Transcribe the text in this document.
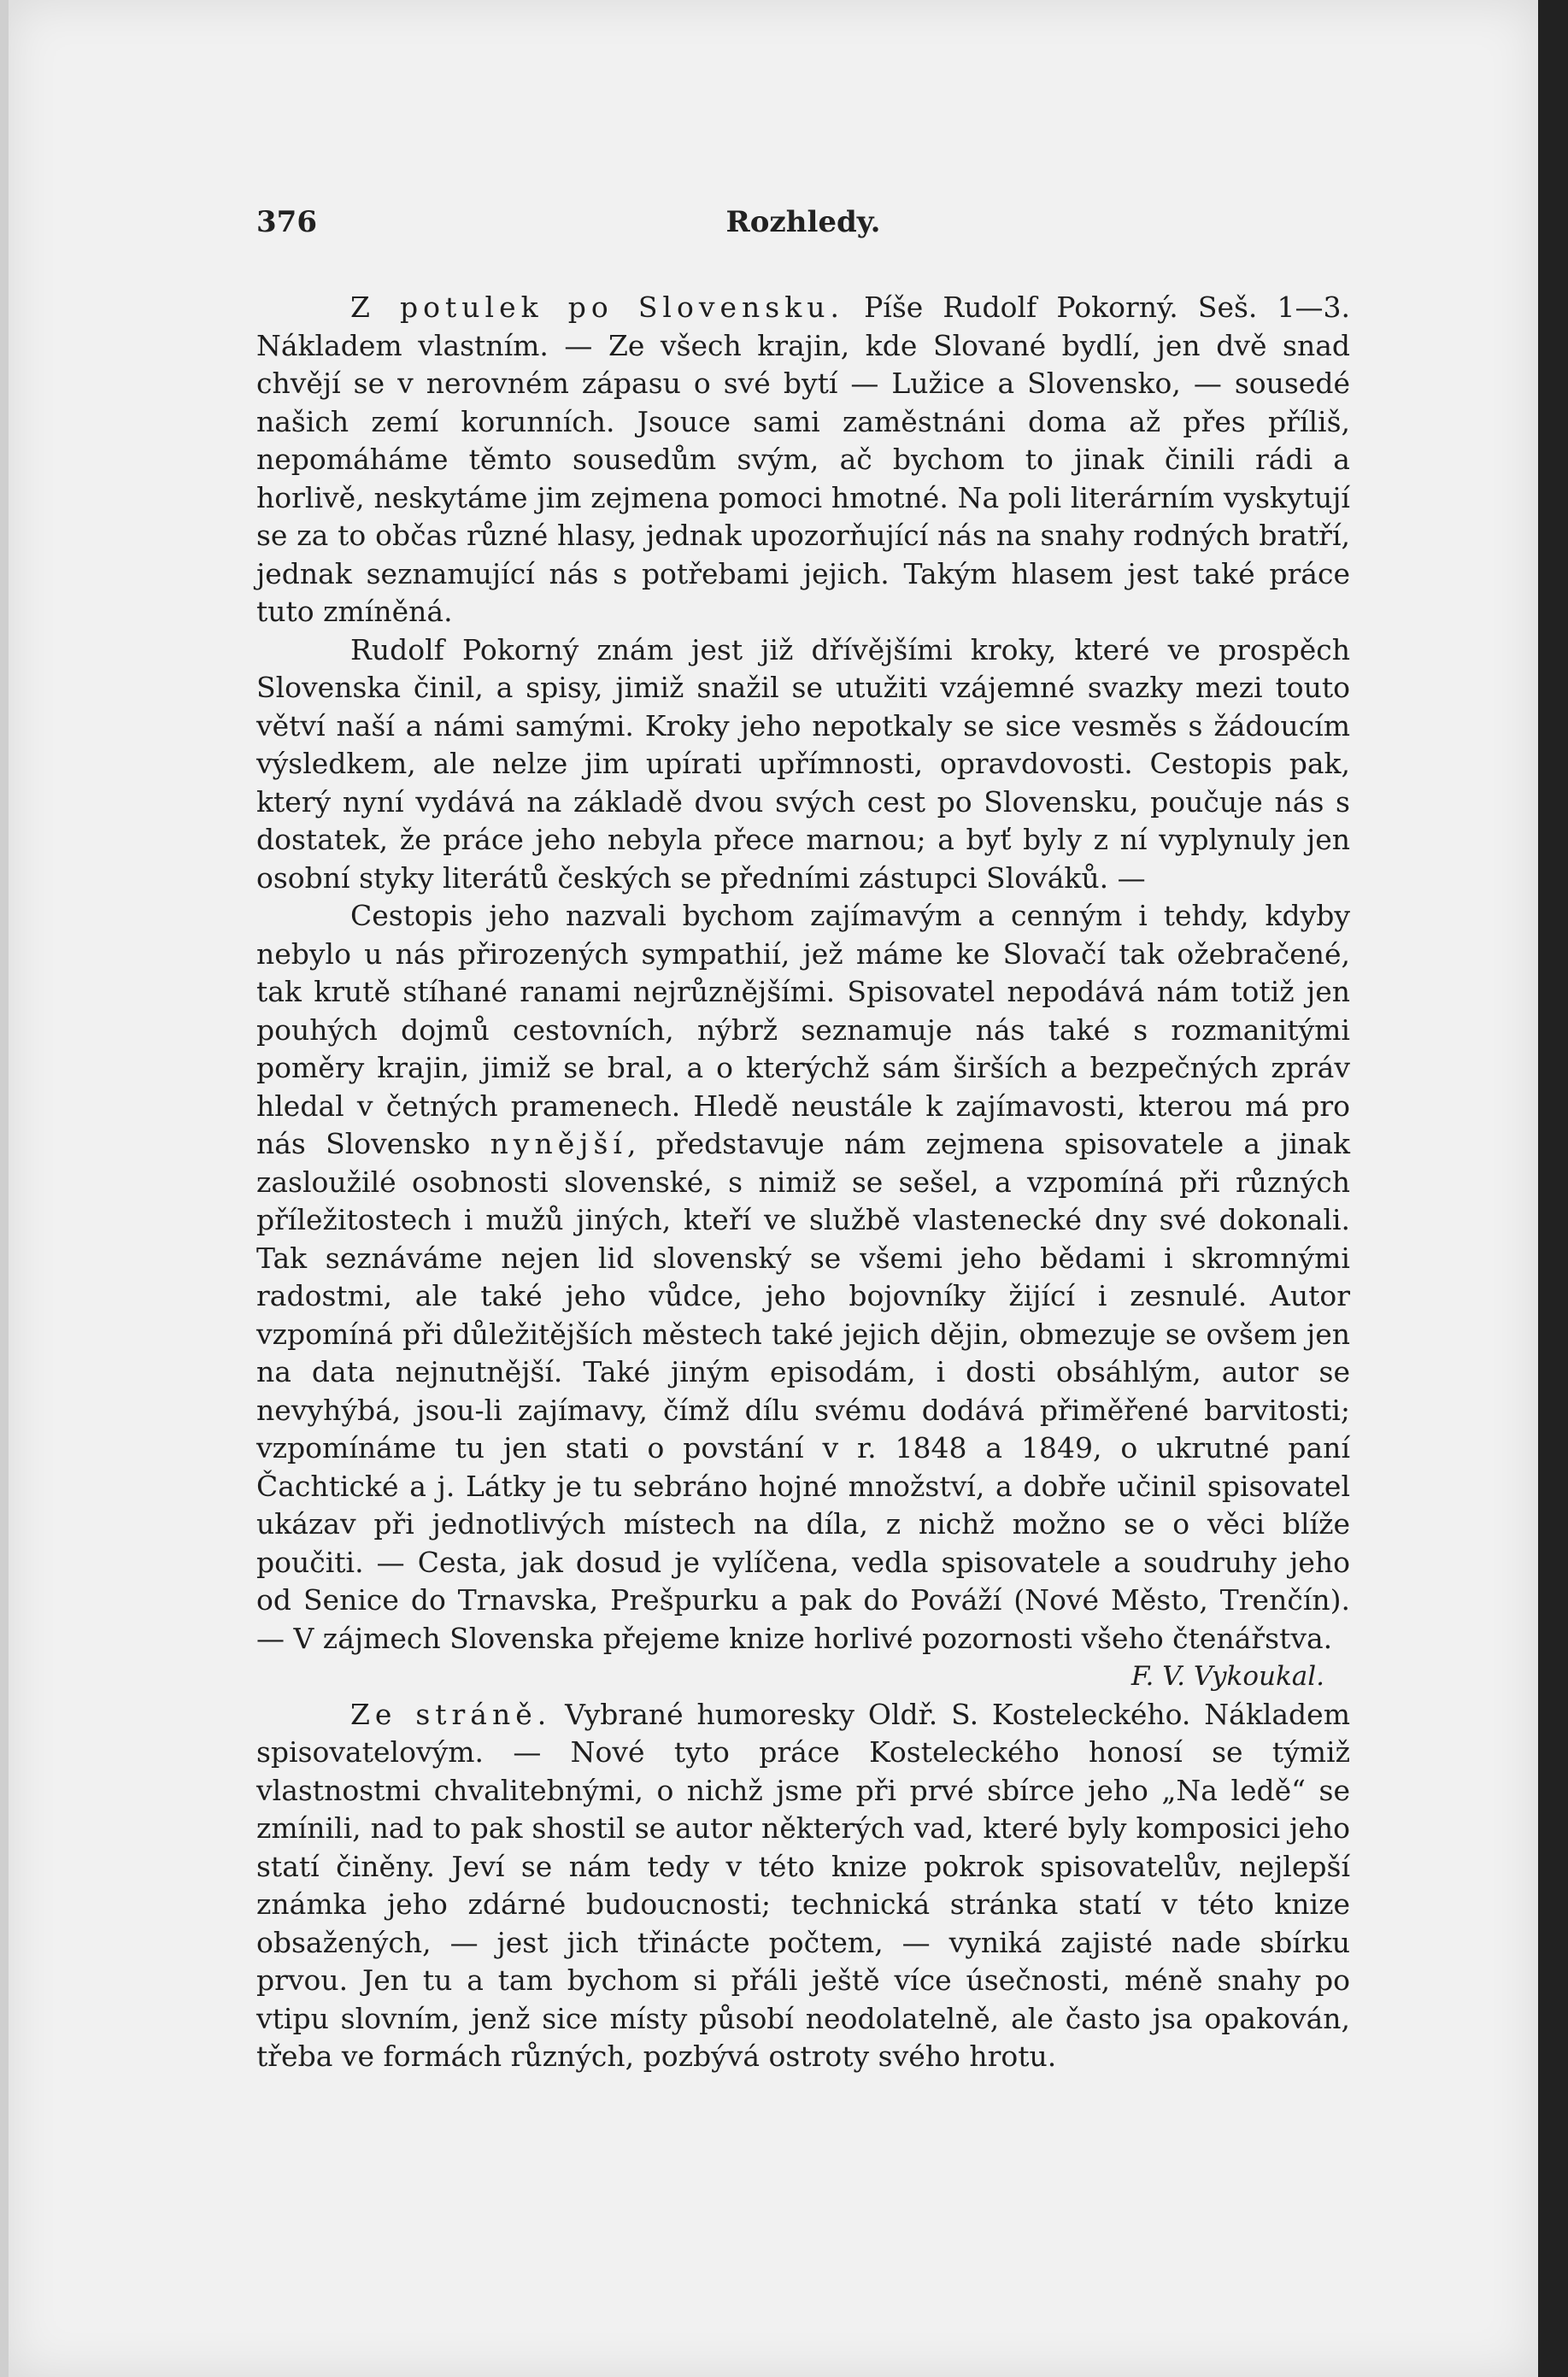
376	Rozhledy.

Z potulek po Slovensku. Píše Rudolf Pokorný. Seš. 1—3. Nákladem vlastním. — Ze všech krajin, kde Slované bydlí, jen dvě snad chvějí se v nerovném zápasu o své bytí — Lužice a Slovensko, — sousedé našich zemí korunních. Jsouce sami zaměstnáni doma až přes příliš, nepomáháme těmto sousedům svým, ač bychom to jinak činili rádi a horlivě, neskytáme jim zejmena pomoci hmotné. Na poli literárním vyskytují se za to občas různé hlasy, jednak upozorňující nás na snahy rodných bratří, jednak seznamující nás s potřebami jejich. Takým hlasem jest také práce tuto zmíněná.

Rudolf Pokorný znám jest již dřívějšími kroky, které ve prospěch Slovenska činil, a spisy, jimiž snažil se utužiti vzájemné svazky mezi touto větví naší a námi samými. Kroky jeho nepotkaly se sice vesměs s žádoucím výsledkem, ale nelze jim upírati upřímnosti, opravdovosti. Cestopis pak, který nyní vydává na základě dvou svých cest po Slovensku, poučuje nás s dostatek, že práce jeho nebyla přece marnou; a byť byly z ní vyplynuly jen osobní styky literátů českých se předními zástupci Slováků. —

Cestopis jeho nazvali bychom zajímavým a cenným i tehdy, kdyby nebylo u nás přirozených sympathií, jež máme ke Slovačí tak ožebračené, tak krutě stíhané ranami nejrůznějšími. Spisovatel nepodává nám totiž jen pouhých dojmů cestovních, nýbrž seznamuje nás také s rozmanitými poměry krajin, jimiž se bral, a o kterýchž sám širších a bezpečných zpráv hledal v četných pramenech. Hledě neustále k zajímavosti, kterou má pro nás Slovensko nynější, představuje nám zejmena spisovatele a jinak zasloužilé osobnosti slovenské, s nimiž se sešel, a vzpomíná při různých příležitostech i mužů jiných, kteří ve službě vlastenecké dny své dokonali. Tak seznáváme nejen lid slovenský se všemi jeho bědami i skromnými radostmi, ale také jeho vůdce, jeho bojovníky žijící i zesnulé. Autor vzpomíná při důležitějších městech také jejich dějin, obmezuje se ovšem jen na data nejnutnější. Také jiným episodám, i dosti obsáhlým, autor se nevyhýbá, jsou-li zajímavy, čímž dílu svému dodává přiměřené barvitosti; vzpomínáme tu jen stati o povstání v r. 1848 a 1849, o ukrutné paní Čachtické a j. Látky je tu sebráno hojné množství, a dobře učinil spisovatel ukázav při jednotlivých místech na díla, z nichž možno se o věci blíže poučiti. — Cesta, jak dosud je vylíčena, vedla spisovatele a soudruhy jeho od Senice do Trnavska, Prešpurku a pak do Pováží (Nové Město, Trenčín). — V zájmech Slovenska přejeme knize horlivé pozornosti všeho čtenářstva.

F. V. Vykoukal.

Ze stráně. Vybrané humoresky Oldř. S. Kosteleckého. Nákladem spisovatelovým. — Nové tyto práce Kosteleckého honosí se týmiž vlastnostmi chvalitebnými, o nichž jsme při prvé sbírce jeho „Na ledě“ se zmínili, nad to pak shostil se autor některých vad, které byly komposici jeho statí činěny. Jeví se nám tedy v této knize pokrok spisovatelův, nejlepší známka jeho zdárné budoucnosti; technická stránka statí v této knize obsažených, — jest jich třinácte počtem, — vyniká zajisté nade sbírku prvou. Jen tu a tam bychom si přáli ještě více úsečnosti, méně snahy po vtipu slovním, jenž sice místy působí neodolatelně, ale často jsa opakován, třeba ve formách různých, pozbývá ostroty svého hrotu.
